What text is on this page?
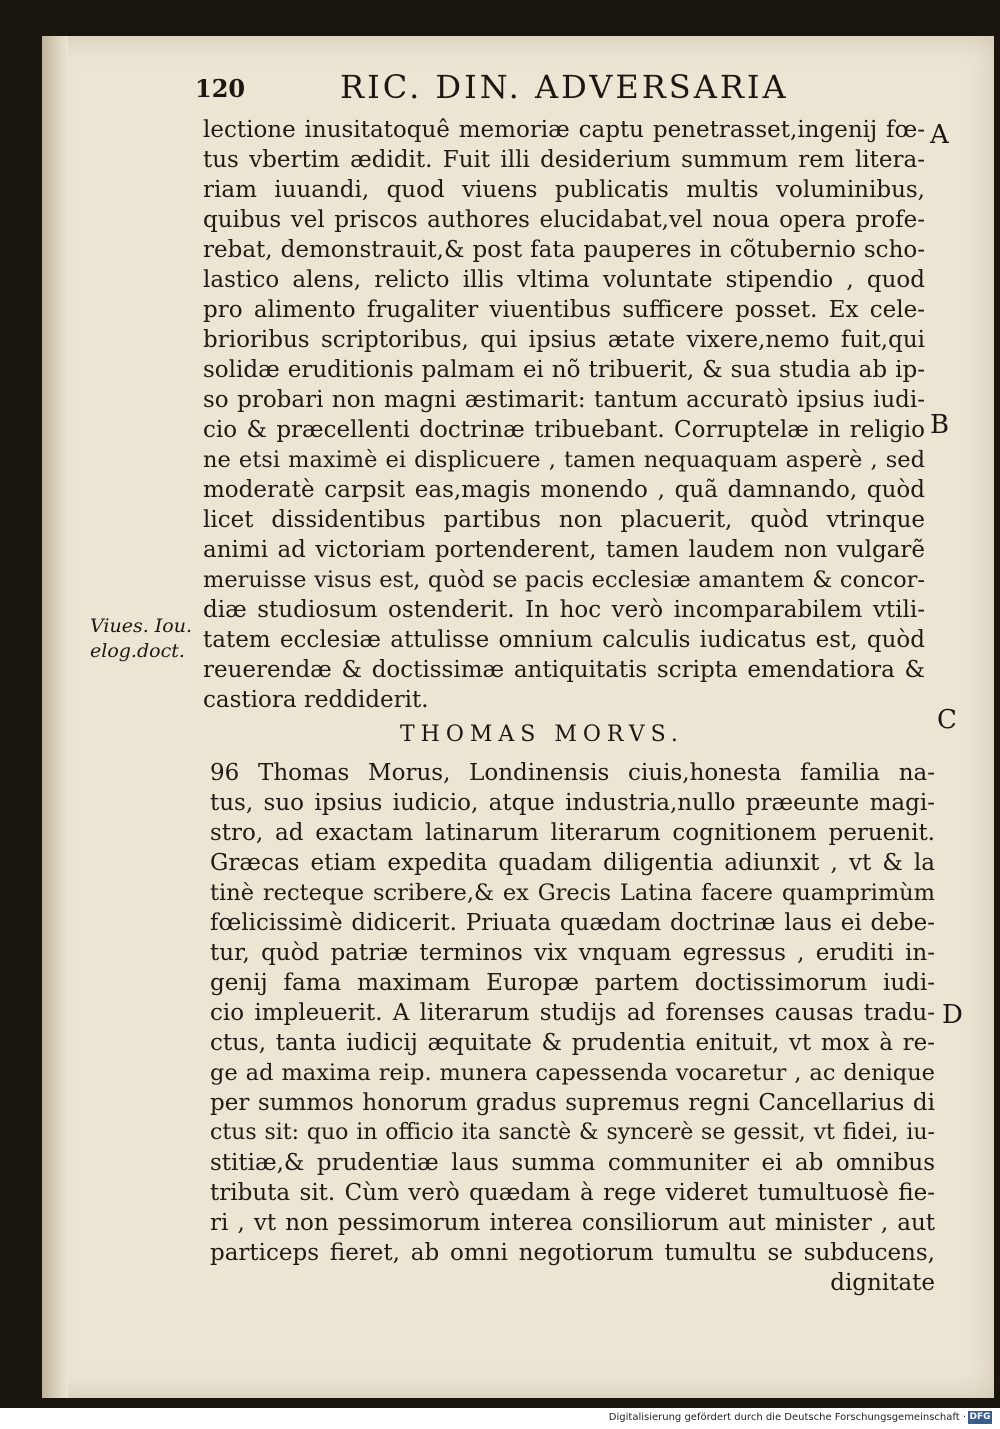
120	RIC. DIN. ADVERSARIA
A
B
C
D
Viues. Iou.
elog.doct.
lectione inusitatoquê memoriæ captu penetrasset,ingenij fœ-
tus vbertim ædidit. Fuit illi desiderium summum rem litera-
riam iuuandi, quod viuens publicatis multis voluminibus,
quibus vel priscos authores elucidabat,vel noua opera profe-
rebat, demonstrauit,& post fata pauperes in cõtubernio scho-
lastico alens, relicto illis vltima voluntate stipendio , quod
pro alimento frugaliter viuentibus sufficere posset. Ex cele-
brioribus scriptoribus, qui ipsius ætate vixere,nemo fuit,qui
solidæ eruditionis palmam ei nõ tribuerit, & sua studia ab ip-
so probari non magni æstimarit: tantum accuratò ipsius iudi-
cio & præcellenti doctrinæ tribuebant. Corruptelæ in religio
ne etsi maximè ei displicuere , tamen nequaquam asperè , sed
moderatè carpsit eas,magis monendo , quã damnando, quòd
licet dissidentibus partibus non placuerit, quòd vtrinque
animi ad victoriam portenderent, tamen laudem non vulgarẽ
meruisse visus est, quòd se pacis ecclesiæ amantem & concor-
diæ studiosum ostenderit. In hoc verò incomparabilem vtili-
tatem ecclesiæ attulisse omnium calculis iudicatus est, quòd
reuerendæ & doctissimæ antiquitatis scripta emendatiora &
castiora reddiderit.
THOMAS MORVS.
96 Thomas Morus, Londinensis ciuis,honesta familia na-
tus, suo ipsius iudicio, atque industria,nullo præeunte magi-
stro, ad exactam latinarum literarum cognitionem peruenit.
Græcas etiam expedita quadam diligentia adiunxit , vt & la
tinè recteque scribere,& ex Grecis Latina facere quamprimùm
fœlicissimè didicerit. Priuata quædam doctrinæ laus ei debe-
tur, quòd patriæ terminos vix vnquam egressus , eruditi in-
genij fama maximam Europæ partem doctissimorum iudi-
cio impleuerit. A literarum studijs ad forenses causas tradu-
ctus, tanta iudicij æquitate & prudentia enituit, vt mox à re-
ge ad maxima reip. munera capessenda vocaretur , ac denique
per summos honorum gradus supremus regni Cancellarius di
ctus sit: quo in officio ita sanctè & syncerè se gessit, vt fidei, iu-
stitiæ,& prudentiæ laus summa communiter ei ab omnibus
tributa sit. Cùm verò quædam à rege videret tumultuosè fie-
ri , vt non pessimorum interea consiliorum aut minister , aut
particeps fieret, ab omni negotiorum tumultu se subducens,
dignitate
Digitalisierung gefördert durch die Deutsche Forschungsgemeinschaft · DFG
